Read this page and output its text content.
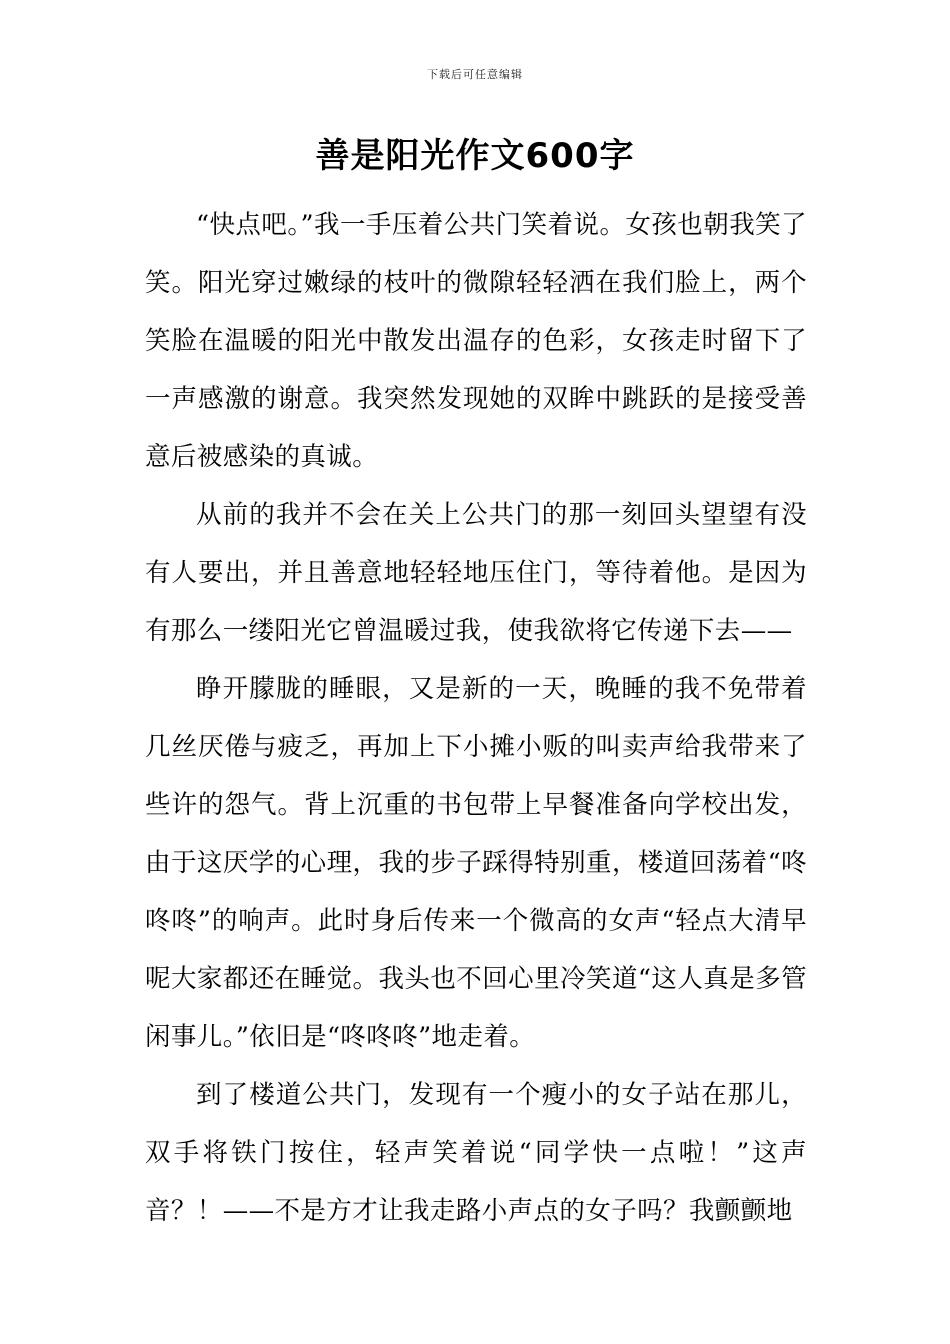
下载后可任意编辑
善是阳光作文600字

“快点吧。”我一手压着公共门笑着说。女孩也朝我笑了笑。阳光穿过嫩绿的枝叶的微隙轻轻洒在我们脸上，两个笑脸在温暖的阳光中散发出温存的色彩，女孩走时留下了一声感激的谢意。我突然发现她的双眸中跳跃的是接受善意后被感染的真诚。

从前的我并不会在关上公共门的那一刻回头望望有没有人要出，并且善意地轻轻地压住门，等待着他。是因为有那么一缕阳光它曾温暖过我，使我欲将它传递下去——

睁开朦胧的睡眼，又是新的一天，晚睡的我不免带着几丝厌倦与疲乏，再加上下小摊小贩的叫卖声给我带来了些许的怨气。背上沉重的书包带上早餐准备向学校出发，由于这厌学的心理，我的步子踩得特别重，楼道回荡着“咚咚咚”的响声。此时身后传来一个微高的女声“轻点大清早呢大家都还在睡觉。我头也不回心里冷笑道“这人真是多管闲事儿。”依旧是“咚咚咚”地走着。

到了楼道公共门，发现有一个瘦小的女子站在那儿，双手将铁门按住，轻声笑着说“同学快一点啦！”这声音？！——不是方才让我走路小声点的女子吗？我颤颤地
